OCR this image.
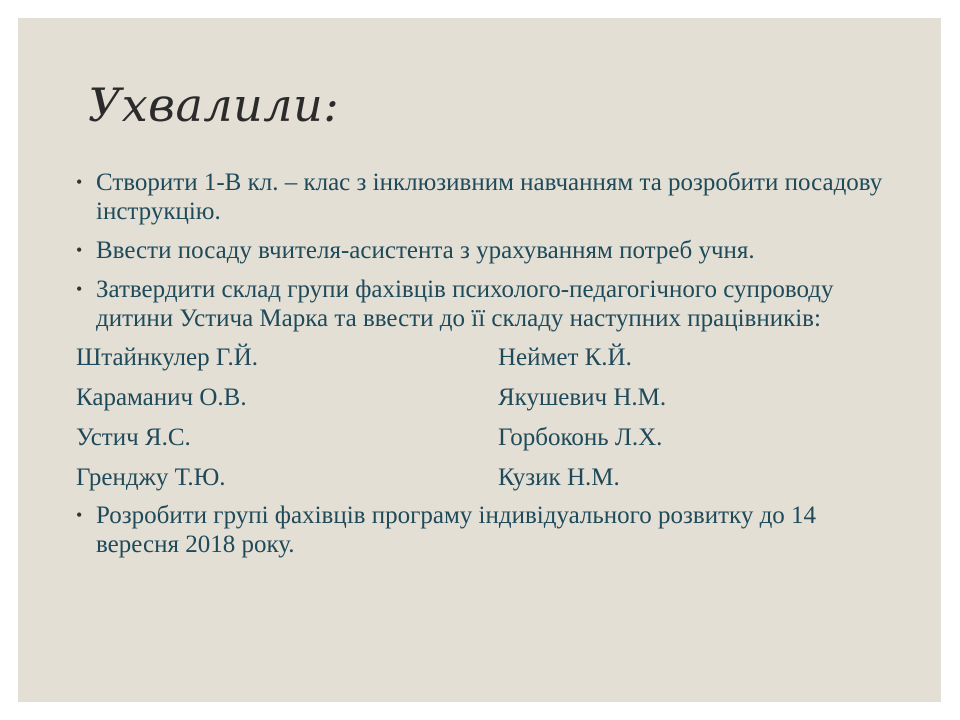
Ухвалили:
• Створити 1-В кл. – клас з інклюзивним навчанням та розробити посадову інструкцію.
• Ввести посаду вчителя-асистента з урахуванням потреб учня.
• Затвердити склад групи фахівців психолого-педагогічного супроводу дитини Устича Марка та ввести до її складу наступних працівників:
Штайнкулер Г.Й.	Неймет К.Й.
Караманич О.В.	Якушевич Н.М.
Устич Я.С.	Горбоконь Л.Х.
Гренджу Т.Ю.	Кузик Н.М.
• Розробити групі фахівців програму індивідуального розвитку до 14 вересня 2018 року.
